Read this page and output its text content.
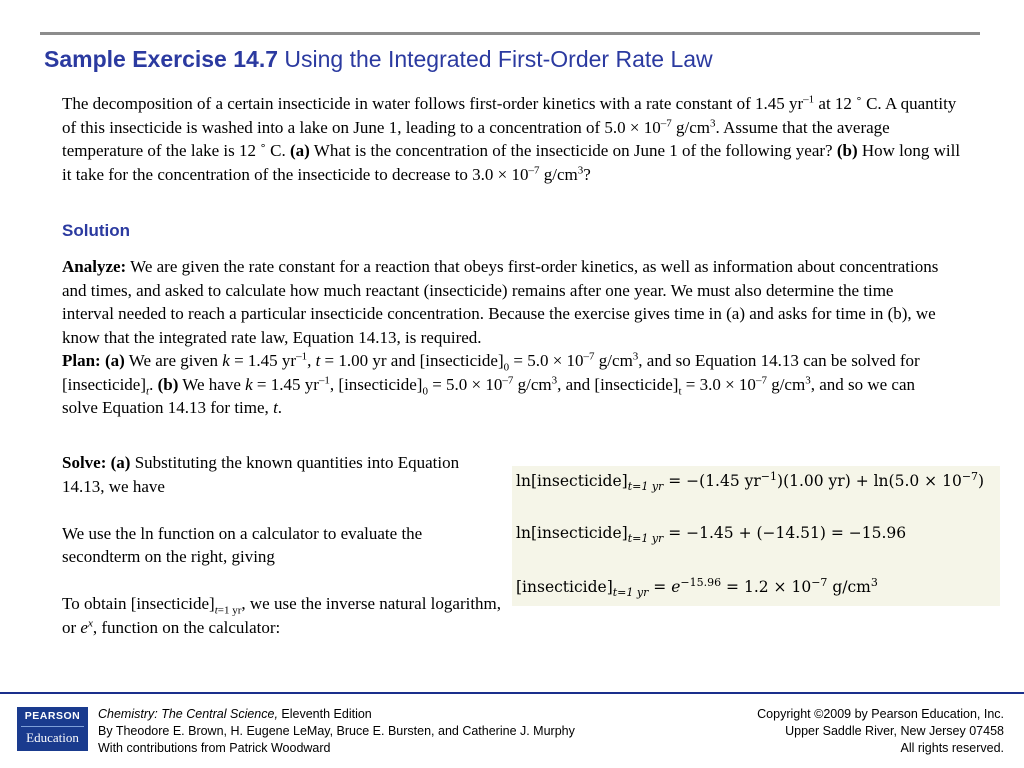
Sample Exercise 14.7 Using the Integrated First-Order Rate Law
The decomposition of a certain insecticide in water follows first-order kinetics with a rate constant of 1.45 $yr^{-1}$ at 12 ˚ C. A quantity of this insecticide is washed into a lake on June 1, leading to a concentration of $5.0 \times 10^{-7}$ $g/cm^3$. Assume that the average temperature of the lake is 12 ˚ C. (a) What is the concentration of the insecticide on June 1 of the following year? (b) How long will it take for the concentration of the insecticide to decrease to $3.0 \times 10^{-7}$ $g/cm^3$?
Solution
Analyze: We are given the rate constant for a reaction that obeys first-order kinetics, as well as information about concentrations and times, and asked to calculate how much reactant (insecticide) remains after one year. We must also determine the time interval needed to reach a particular insecticide concentration. Because the exercise gives time in (a) and asks for time in (b), we know that the integrated rate law, Equation 14.13, is required.
Plan: (a) We are given k = 1.45 $yr^{-1}$, t = 1.00 yr and $[insecticide]_0 = 5.0 \times 10^{-7}$ $g/cm^3$, and so Equation 14.13 can be solved for $[insecticide]_t$. (b) We have k = 1.45 $yr^{-1}$, $[insecticide]_0 = 5.0 \times 10^{-7}$ $g/cm^3$, and $[insecticide]_t = 3.0 \times 10^{-7}$ $g/cm^3$, and so we can solve Equation 14.13 for time, t.
Solve: (a) Substituting the known quantities into Equation 14.13, we have

We use the ln function on a calculator to evaluate the secondterm on the right, giving

To obtain $[insecticide]_{t=1 yr}$, we use the inverse natural logarithm, or $e^x$, function on the calculator:
$\ln[insecticide]_{t=1 yr} = -(1.45$ $yr^{-1})(1.00$ $yr) + \ln(5.0 \times 10^{-7})$
$\ln[insecticide]_{t=1 yr} = -1.45 + (-14.51) = -15.96$
$[insecticide]_{t=1 yr} = e^{-15.96} = 1.2 \times 10^{-7}$ $g/cm^3$
PEARSON
Education
Chemistry: The Central Science, Eleventh Edition
By Theodore E. Brown, H. Eugene LeMay, Bruce E. Bursten, and Catherine J. Murphy
With contributions from Patrick Woodward
Copyright ©2009 by Pearson Education, Inc.
Upper Saddle River, New Jersey 07458
All rights reserved.
